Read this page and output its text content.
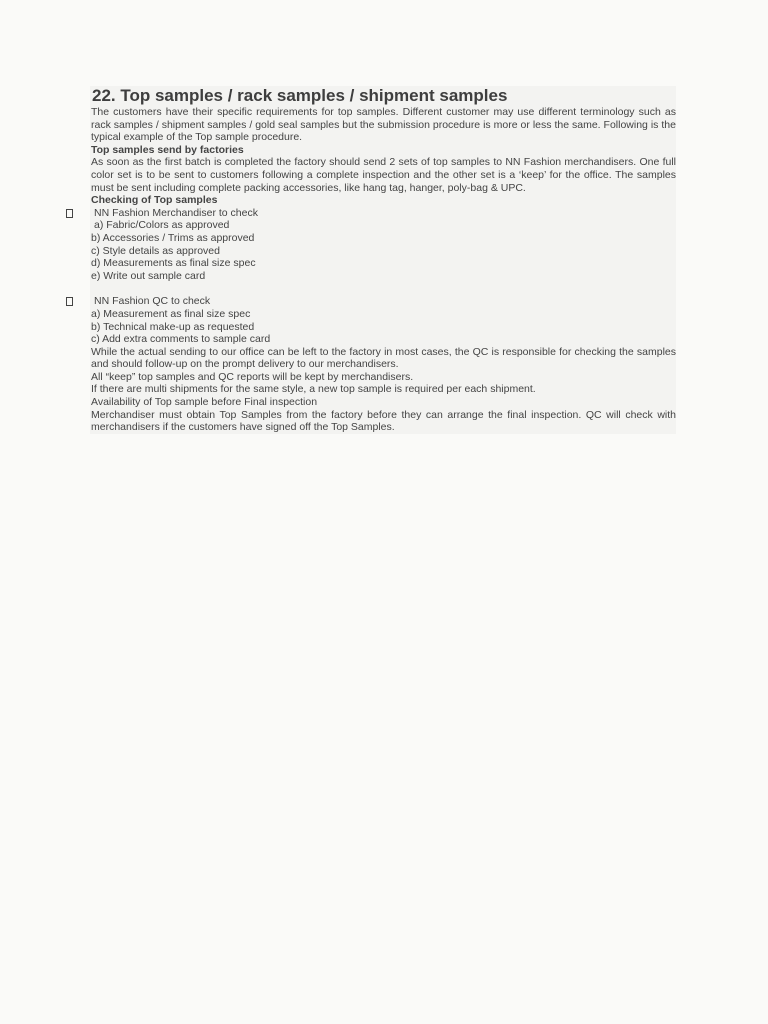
22. Top samples / rack samples / shipment samples

The customers have their specific requirements for top samples. Different customer may use different terminology such as rack samples / shipment samples / gold seal samples but the submission procedure is more or less the same. Following is the typical example of the Top sample procedure.

Top samples send by factories

As soon as the first batch is completed the factory should send 2 sets of top samples to NN Fashion merchandisers. One full color set is to be sent to customers following a complete inspection and the other set is a ‘keep’ for the office. The samples must be sent including complete packing accessories, like hang tag, hanger, poly-bag & UPC.

Checking of Top samples

NN Fashion Merchandiser to check

a) Fabric/Colors as approved

b) Accessories / Trims as approved

c) Style details as approved

d) Measurements as final size spec

e) Write out sample card

NN Fashion QC to check

a) Measurement as final size spec

b) Technical make-up as requested

c) Add extra comments to sample card

While the actual sending to our office can be left to the factory in most cases, the QC is responsible for checking the samples and should follow-up on the prompt delivery to our merchandisers.

All “keep” top samples and QC reports will be kept by merchandisers.

If there are multi shipments for the same style, a new top sample is required per each shipment.

Availability of Top sample before Final inspection

Merchandiser must obtain Top Samples from the factory before they can arrange the final inspection. QC will check with merchandisers if the customers have signed off the Top Samples.
